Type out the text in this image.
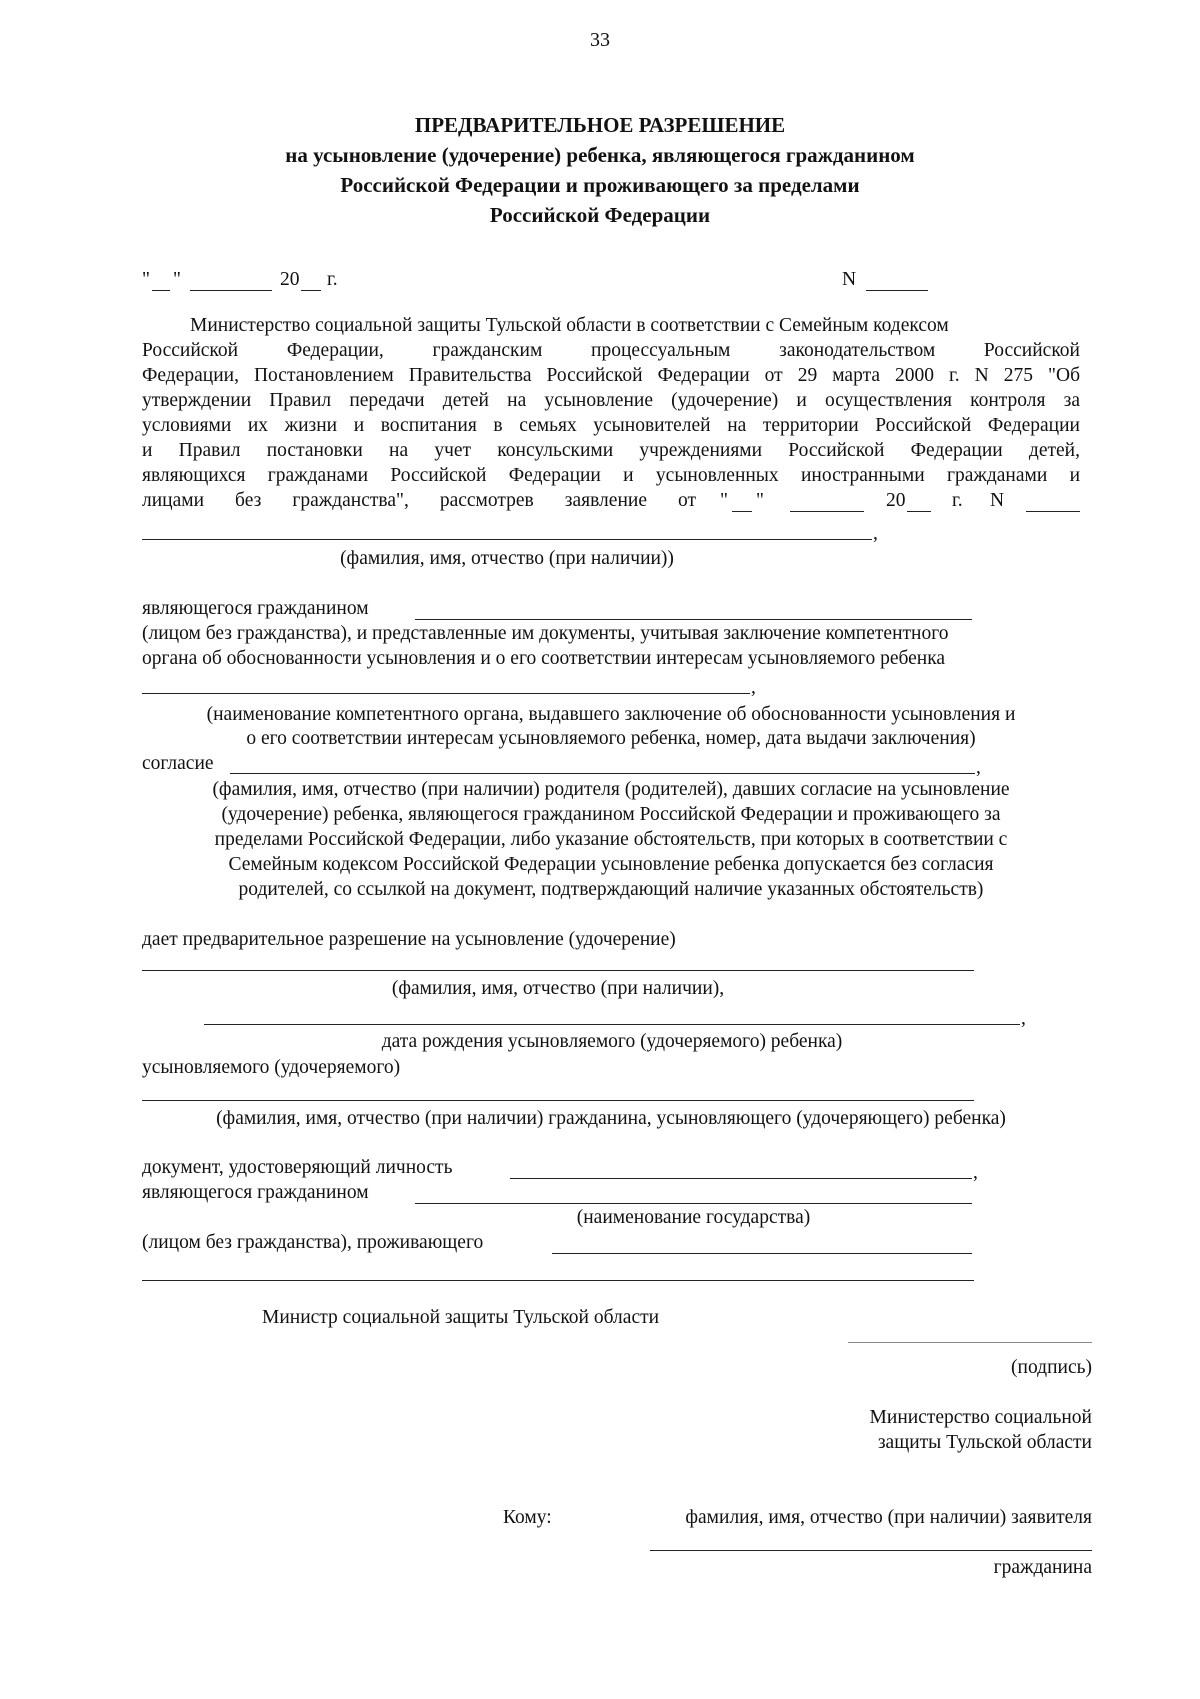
33
ПРЕДВАРИТЕЛЬНОЕ РАЗРЕШЕНИЕ
на усыновление (удочерение) ребенка, являющегося гражданином
Российской Федерации и проживающего за пределами
Российской Федерации
" "	20 г.	N
Министерство социальной защиты Тульской области в соответствии с Семейным кодексом
Российской Федерации, гражданским процессуальным законодательством Российской
Федерации, Постановлением Правительства Российской Федерации от 29 марта 2000 г. N 275 "Об
утверждении Правил передачи детей на усыновление (удочерение) и осуществления контроля за
условиями их жизни и воспитания в семьях усыновителей на территории Российской Федерации
и Правил постановки на учет консульскими учреждениями Российской Федерации детей,
являющихся гражданами Российской Федерации и усыновленных иностранными гражданами и
лицами без гражданства", рассмотрев заявление от " "	20 г. N
,
(фамилия, имя, отчество (при наличии))
являющегося гражданином
(лицом без гражданства), и представленные им документы, учитывая заключение компетентного
органа об обоснованности усыновления и о его соответствии интересам усыновляемого ребенка
,
(наименование компетентного органа, выдавшего заключение об обоснованности усыновления и
о его соответствии интересам усыновляемого ребенка, номер, дата выдачи заключения)
согласие	,
(фамилия, имя, отчество (при наличии) родителя (родителей), давших согласие на усыновление
(удочерение) ребенка, являющегося гражданином Российской Федерации и проживающего за
пределами Российской Федерации, либо указание обстоятельств, при которых в соответствии с
Семейным кодексом Российской Федерации усыновление ребенка допускается без согласия
родителей, со ссылкой на документ, подтверждающий наличие указанных обстоятельств)
дает предварительное разрешение на усыновление (удочерение)
(фамилия, имя, отчество (при наличии),
,
дата рождения усыновляемого (удочеряемого) ребенка)
усыновляемого (удочеряемого)
(фамилия, имя, отчество (при наличии) гражданина, усыновляющего (удочеряющего) ребенка)
документ, удостоверяющий личность	,
являющегося гражданином
(наименование государства)
(лицом без гражданства), проживающего
Министр социальной защиты Тульской области
(подпись)
Министерство социальной
защиты Тульской области
Кому:	фамилия, имя, отчество (при наличии) заявителя
гражданина
